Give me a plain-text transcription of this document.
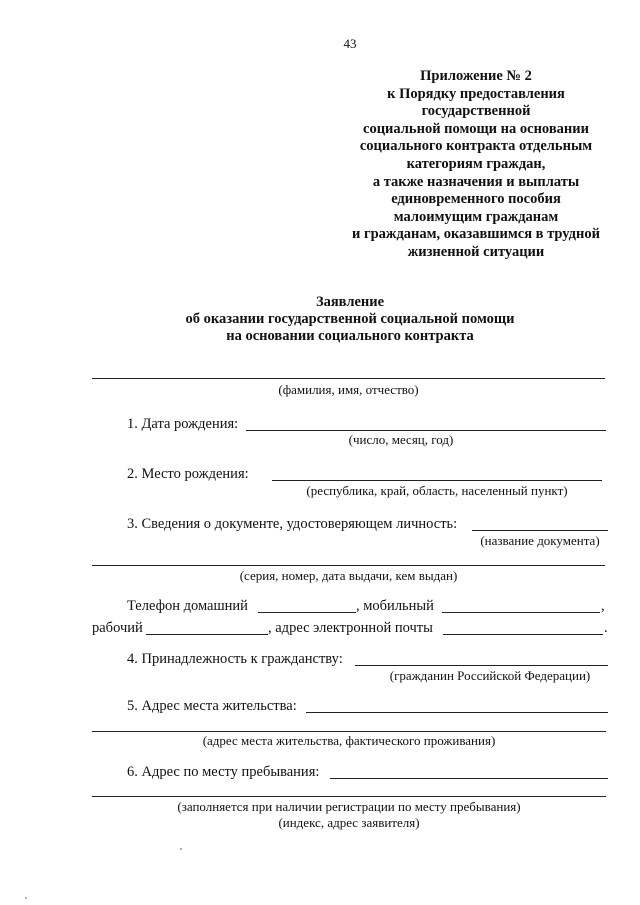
43
Приложение № 2
к Порядку предоставления
государственной
социальной помощи на основании
социального контракта отдельным
категориям граждан,
а также назначения и выплаты
единовременного пособия
малоимущим гражданам
и гражданам, оказавшимся в трудной
жизненной ситуации
Заявление
об оказании государственной социальной помощи
на основании социального контракта
(фамилия, имя, отчество)
1. Дата рождения:
(число, месяц, год)
2. Место рождения:
(республика, край, область, населенный пункт)
3. Сведения о документе, удостоверяющем личность:
(название документа)
(серия, номер, дата выдачи, кем выдан)
Телефон домашний	, мобильный	,
рабочий	, адрес электронной почты	.
4. Принадлежность к гражданству:
(гражданин Российской Федерации)
5. Адрес места жительства:
(адрес места жительства, фактического проживания)
6. Адрес по месту пребывания:
(заполняется при наличии регистрации по месту пребывания)
(индекс, адрес заявителя)
